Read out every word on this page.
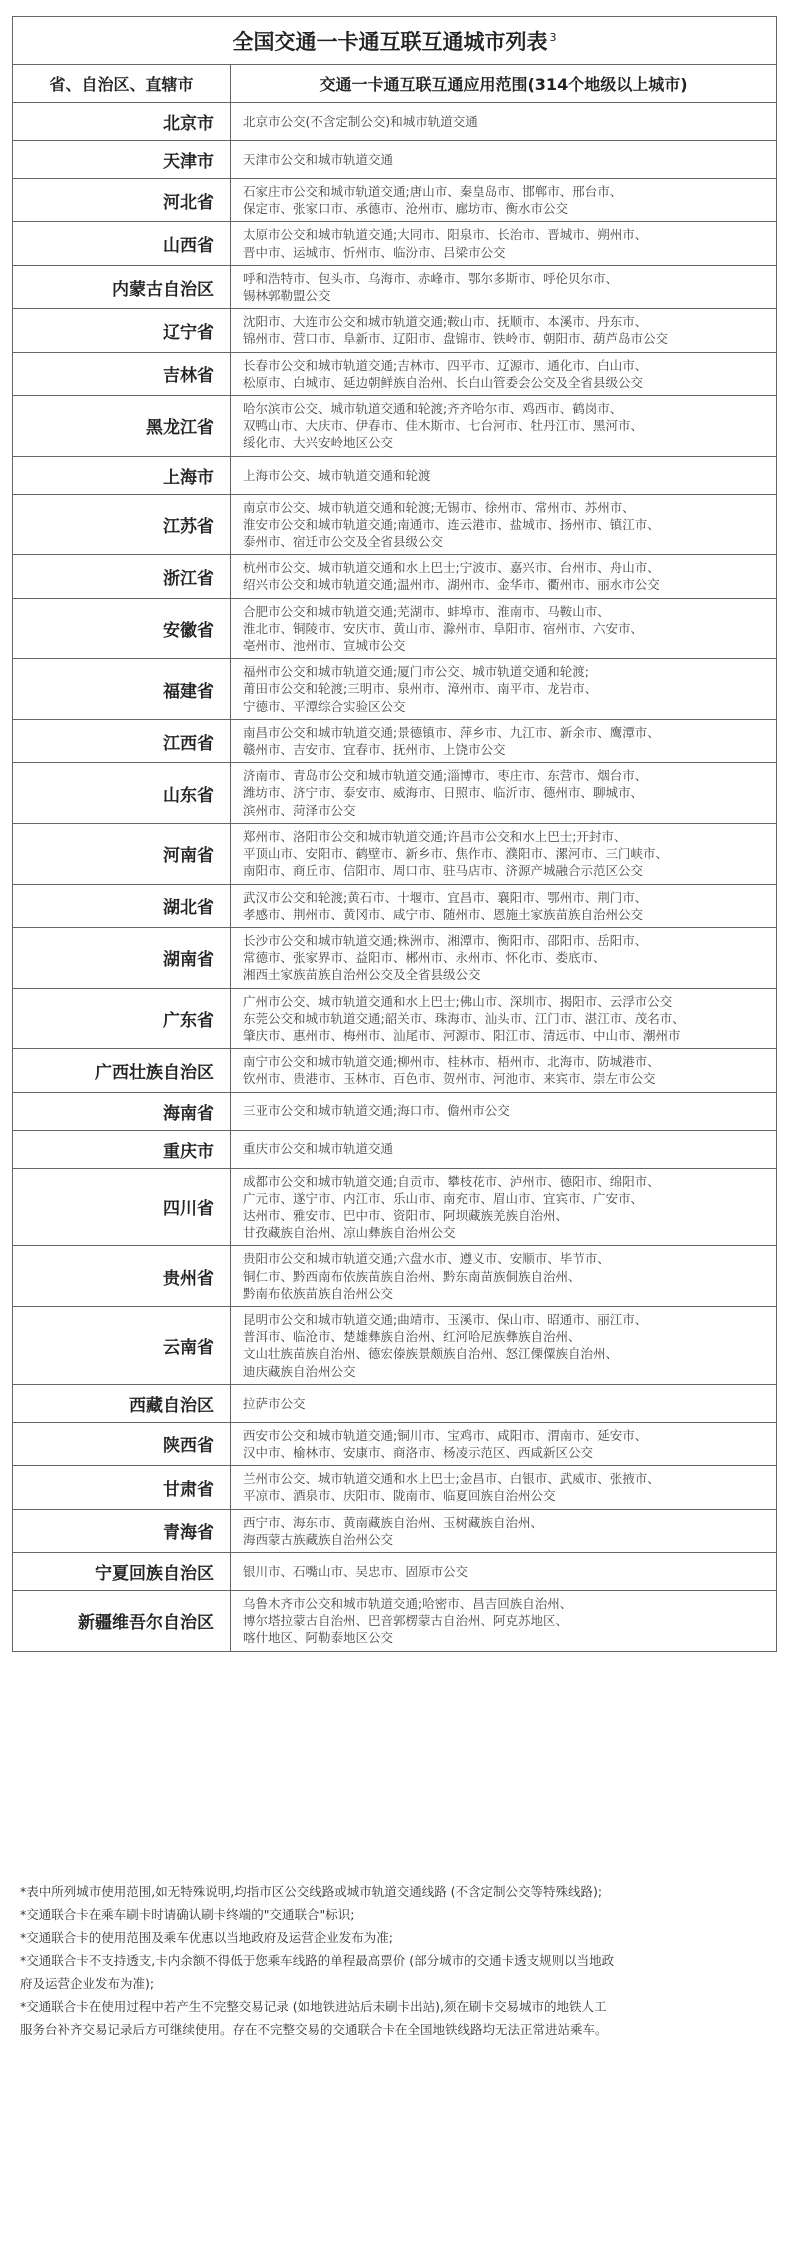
全国交通一卡通互联互通城市列表 $^3$
省、自治区、直辖市	交通一卡通互联互通应用范围(314个地级以上城市)
北京市	北京市公交(不含定制公交)和城市轨道交通

天津市	天津市公交和城市轨道交通

河北省	石家庄市公交和城市轨道交通;唐山市、秦皇岛市、邯郸市、邢台市、
保定市、张家口市、承德市、沧州市、廊坊市、衡水市公交

山西省	太原市公交和城市轨道交通;大同市、阳泉市、长治市、晋城市、朔州市、
晋中市、运城市、忻州市、临汾市、吕梁市公交

内蒙古自治区	呼和浩特市、包头市、乌海市、赤峰市、鄂尔多斯市、呼伦贝尔市、
锡林郭勒盟公交

辽宁省	沈阳市、大连市公交和城市轨道交通;鞍山市、抚顺市、本溪市、丹东市、
锦州市、营口市、阜新市、辽阳市、盘锦市、铁岭市、朝阳市、葫芦岛市公交

吉林省	长春市公交和城市轨道交通;吉林市、四平市、辽源市、通化市、白山市、
松原市、白城市、延边朝鲜族自治州、长白山管委会公交及全省县级公交

黑龙江省	哈尔滨市公交、城市轨道交通和轮渡;齐齐哈尔市、鸡西市、鹤岗市、
双鸭山市、大庆市、伊春市、佳木斯市、七台河市、牡丹江市、黑河市、
绥化市、大兴安岭地区公交

上海市	上海市公交、城市轨道交通和轮渡

江苏省	南京市公交、城市轨道交通和轮渡;无锡市、徐州市、常州市、苏州市、
淮安市公交和城市轨道交通;南通市、连云港市、盐城市、扬州市、镇江市、
泰州市、宿迁市公交及全省县级公交

浙江省	杭州市公交、城市轨道交通和水上巴士;宁波市、嘉兴市、台州市、舟山市、
绍兴市公交和城市轨道交通;温州市、湖州市、金华市、衢州市、丽水市公交

安徽省	合肥市公交和城市轨道交通;芜湖市、蚌埠市、淮南市、马鞍山市、
淮北市、铜陵市、安庆市、黄山市、滁州市、阜阳市、宿州市、六安市、
亳州市、池州市、宣城市公交

福建省	福州市公交和城市轨道交通;厦门市公交、城市轨道交通和轮渡;
莆田市公交和轮渡;三明市、泉州市、漳州市、南平市、龙岩市、
宁德市、平潭综合实验区公交

江西省	南昌市公交和城市轨道交通;景德镇市、萍乡市、九江市、新余市、鹰潭市、
赣州市、吉安市、宜春市、抚州市、上饶市公交

山东省	济南市、青岛市公交和城市轨道交通;淄博市、枣庄市、东营市、烟台市、
潍坊市、济宁市、泰安市、威海市、日照市、临沂市、德州市、聊城市、
滨州市、菏泽市公交

河南省	郑州市、洛阳市公交和城市轨道交通;许昌市公交和水上巴士;开封市、
平顶山市、安阳市、鹤壁市、新乡市、焦作市、濮阳市、漯河市、三门峡市、
南阳市、商丘市、信阳市、周口市、驻马店市、济源产城融合示范区公交

湖北省	武汉市公交和轮渡;黄石市、十堰市、宜昌市、襄阳市、鄂州市、荆门市、
孝感市、荆州市、黄冈市、咸宁市、随州市、恩施土家族苗族自治州公交

湖南省	长沙市公交和城市轨道交通;株洲市、湘潭市、衡阳市、邵阳市、岳阳市、
常德市、张家界市、益阳市、郴州市、永州市、怀化市、娄底市、
湘西土家族苗族自治州公交及全省县级公交

广东省	广州市公交、城市轨道交通和水上巴士;佛山市、深圳市、揭阳市、云浮市公交
东莞公交和城市轨道交通;韶关市、珠海市、汕头市、江门市、湛江市、茂名市、
肇庆市、惠州市、梅州市、汕尾市、河源市、阳江市、清远市、中山市、潮州市

广西壮族自治区	南宁市公交和城市轨道交通;柳州市、桂林市、梧州市、北海市、防城港市、
钦州市、贵港市、玉林市、百色市、贺州市、河池市、来宾市、崇左市公交

海南省	三亚市公交和城市轨道交通;海口市、儋州市公交

重庆市	重庆市公交和城市轨道交通

四川省	成都市公交和城市轨道交通;自贡市、攀枝花市、泸州市、德阳市、绵阳市、
广元市、遂宁市、内江市、乐山市、南充市、眉山市、宜宾市、广安市、
达州市、雅安市、巴中市、资阳市、阿坝藏族羌族自治州、
甘孜藏族自治州、凉山彝族自治州公交

贵州省	贵阳市公交和城市轨道交通;六盘水市、遵义市、安顺市、毕节市、
铜仁市、黔西南布依族苗族自治州、黔东南苗族侗族自治州、
黔南布依族苗族自治州公交

云南省	昆明市公交和城市轨道交通;曲靖市、玉溪市、保山市、昭通市、丽江市、
普洱市、临沧市、楚雄彝族自治州、红河哈尼族彝族自治州、
文山壮族苗族自治州、德宏傣族景颇族自治州、怒江傈僳族自治州、
迪庆藏族自治州公交

西藏自治区	拉萨市公交

陕西省	西安市公交和城市轨道交通;铜川市、宝鸡市、咸阳市、渭南市、延安市、
汉中市、榆林市、安康市、商洛市、杨凌示范区、西咸新区公交

甘肃省	兰州市公交、城市轨道交通和水上巴士;金昌市、白银市、武威市、张掖市、
平凉市、酒泉市、庆阳市、陇南市、临夏回族自治州公交

青海省	西宁市、海东市、黄南藏族自治州、玉树藏族自治州、
海西蒙古族藏族自治州公交

宁夏回族自治区	银川市、石嘴山市、吴忠市、固原市公交

新疆维吾尔自治区	乌鲁木齐市公交和城市轨道交通;哈密市、昌吉回族自治州、
博尔塔拉蒙古自治州、巴音郭楞蒙古自治州、阿克苏地区、
喀什地区、阿勒泰地区公交
*表中所列城市使用范围,如无特殊说明,均指市区公交线路或城市轨道交通线路 (不含定制公交等特殊线路);
*交通联合卡在乘车刷卡时请确认刷卡终端的"交通联合"标识;
*交通联合卡的使用范围及乘车优惠以当地政府及运营企业发布为准;
*交通联合卡不支持透支,卡内余额不得低于您乘车线路的单程最高票价 (部分城市的交通卡透支规则以当地政
府及运营企业发布为准);
*交通联合卡在使用过程中若产生不完整交易记录 (如地铁进站后未刷卡出站),须在刷卡交易城市的地铁人工
服务台补齐交易记录后方可继续使用。存在不完整交易的交通联合卡在全国地铁线路均无法正常进站乘车。
